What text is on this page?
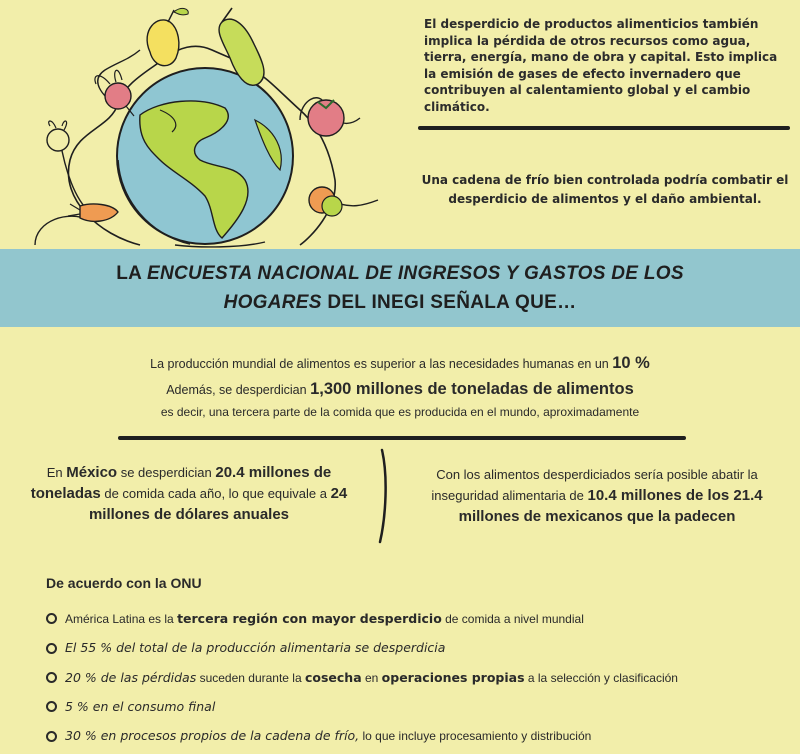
El desperdicio de productos alimenticios también implica la pérdida de otros recursos como agua, tierra, energía, mano de obra y capital. Esto implica la emisión de gases de efecto invernadero que contribuyen al calentamiento global y el cambio climático.
Una cadena de frío bien controlada podría combatir el desperdicio de alimentos y el daño ambiental.
LA ENCUESTA NACIONAL DE INGRESOS Y GASTOS DE LOS
HOGARES DEL INEGI SEÑALA QUE…
La producción mundial de alimentos es superior a las necesidades humanas en un 10 %
Además, se desperdician 1,300 millones de toneladas de alimentos
es decir, una tercera parte de la comida que es producida en el mundo, aproximadamente
En México se desperdician 20.4 millones de toneladas de comida cada año, lo que equivale a 24 millones de dólares anuales
Con los alimentos desperdiciados sería posible abatir la inseguridad alimentaria de 10.4 millones de los 21.4 millones de mexicanos que la padecen
De acuerdo con la ONU
América Latina es la tercera región con mayor desperdicio de comida a nivel mundial
El 55 % del total de la producción alimentaria se desperdicia
20 % de las pérdidas suceden durante la cosecha en operaciones propias a la selección y clasificación
5 % en el consumo final
30 % en procesos propios de la cadena de frío, lo que incluye procesamiento y distribución
